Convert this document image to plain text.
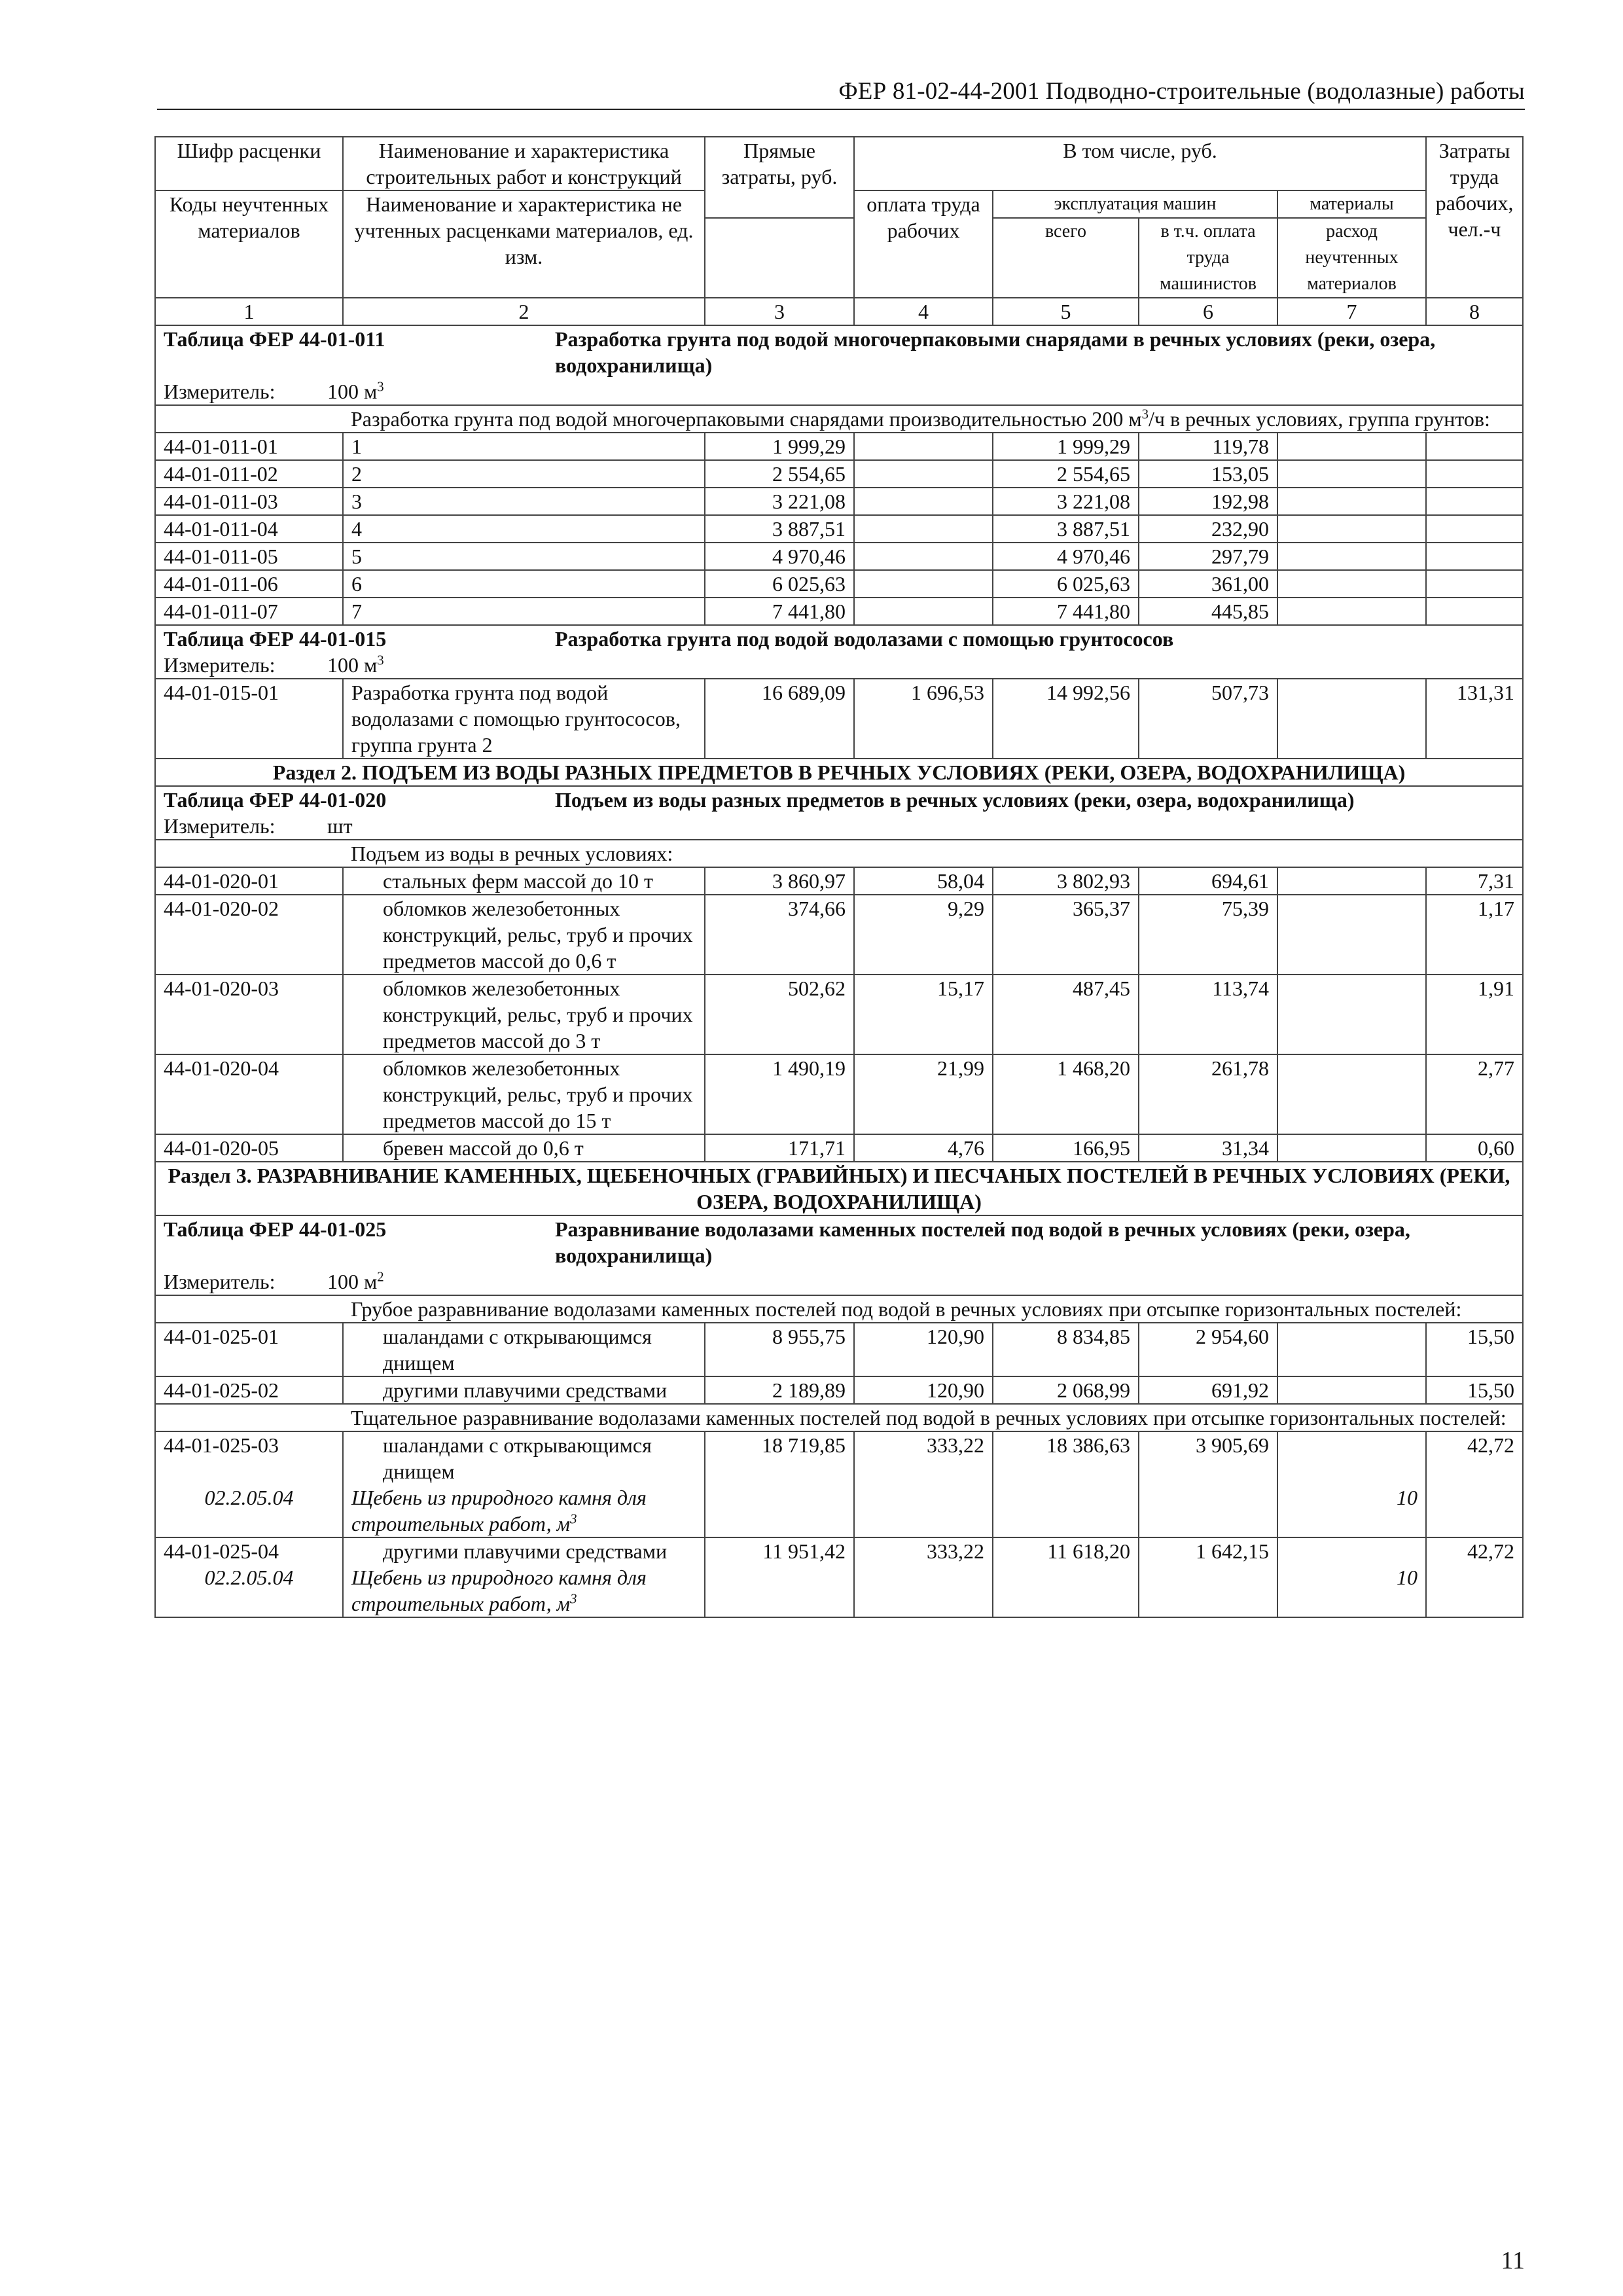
ФЕР 81-02-44-2001 Подводно-строительные (водолазные) работы
Шифр расценки	Наименование и характеристика строительных работ и конструкций	Прямые затраты, руб.	В том числе, руб.				Затраты труда рабочих, чел.-ч
Коды неучтенных материалов	Наименование и характеристика не учтенных расценками материалов, ед. изм.						
			оплата труда рабочих	эксплуатация машин		материалы	
				всего	в т.ч. оплата труда машинистов	расход неучтенных материалов	
1	2	3	4	5	6	7	8
Таблица ФЕР 44-01-011 Разработка грунта под водой многочерпаковыми снарядами в речных условиях (реки, озера, водохранилища)							
Измеритель: 100 $м^3$
	Разработка грунта под водой многочерпаковыми снарядами производительностью 200 $м^3/ч$ в речных условиях, группа грунтов:						
44-01-011-01	1	1 999,29		1 999,29	119,78		
44-01-011-02	2	2 554,65		2 554,65	153,05		
44-01-011-03	3	3 221,08		3 221,08	192,98		
44-01-011-04	4	3 887,51		3 887,51	232,90		
44-01-011-05	5	4 970,46		4 970,46	297,79		
44-01-011-06	6	6 025,63		6 025,63	361,00		
44-01-011-07	7	7 441,80		7 441,80	445,85		
Таблица ФЕР 44-01-015 Разработка грунта под водой водолазами с помощью грунтососов							
Измеритель: 100 $м^3$
44-01-015-01	Разработка грунта под водой водолазами с помощью грунтососов, группа грунта 2	16 689,09	1 696,53	14 992,56	507,73		131,31
Раздел 2. ПОДЪЕМ ИЗ ВОДЫ РАЗНЫХ ПРЕДМЕТОВ В РЕЧНЫХ УСЛОВИЯХ (РЕКИ, ОЗЕРА, ВОДОХРАНИЛИЩА)							
Таблица ФЕР 44-01-020 Подъем из воды разных предметов в речных условиях (реки, озера, водохранилища)							
Измеритель: шт							
	Подъем из воды в речных условиях:						
44-01-020-01	стальных ферм массой до 10 т	3 860,97	58,04	3 802,93	694,61		7,31
44-01-020-02	обломков железобетонных конструкций, рельс, труб и прочих предметов массой до 0,6 т	374,66	9,29	365,37	75,39		1,17
44-01-020-03	обломков железобетонных конструкций, рельс, труб и прочих предметов массой до 3 т	502,62	15,17	487,45	113,74		1,91
44-01-020-04	обломков железобетонных конструкций, рельс, труб и прочих предметов массой до 15 т	1 490,19	21,99	1 468,20	261,78		2,77
44-01-020-05	бревен массой до 0,6 т	171,71	4,76	166,95	31,34		0,60
Раздел 3. РАЗРАВНИВАНИЕ КАМЕННЫХ, ЩЕБЕНОЧНЫХ (ГРАВИЙНЫХ) И ПЕСЧАНЫХ ПОСТЕЛЕЙ В РЕЧНЫХ УСЛОВИЯХ (РЕКИ, ОЗЕРА, ВОДОХРАНИЛИЩА)							
Таблица ФЕР 44-01-025 Разравнивание водолазами каменных постелей под водой в речных условиях (реки, озера, водохранилища)							
Измеритель: 100 $м^2$
	Грубое разравнивание водолазами каменных постелей под водой в речных условиях при отсыпке горизонтальных постелей:						
44-01-025-01	шаландами с открывающимся днищем	8 955,75	120,90	8 834,85	2 954,60		15,50
44-01-025-02	другими плавучими средствами	2 189,89	120,90	2 068,99	691,92		15,50
	Тщательное разравнивание водолазами каменных постелей под водой в речных условиях при отсыпке горизонтальных постелей:						
44-01-025-03	шаландами с открывающимся днищем	18 719,85	333,22	18 386,63	3 905,69		42,72
02.2.05.04	Щебень из природного камня для строительных работ, $м^3$					10	
44-01-025-04	другими плавучими средствами	11 951,42	333,22	11 618,20	1 642,15		42,72
02.2.05.04	Щебень из природного камня для строительных работ, $м^3$					10	
11
